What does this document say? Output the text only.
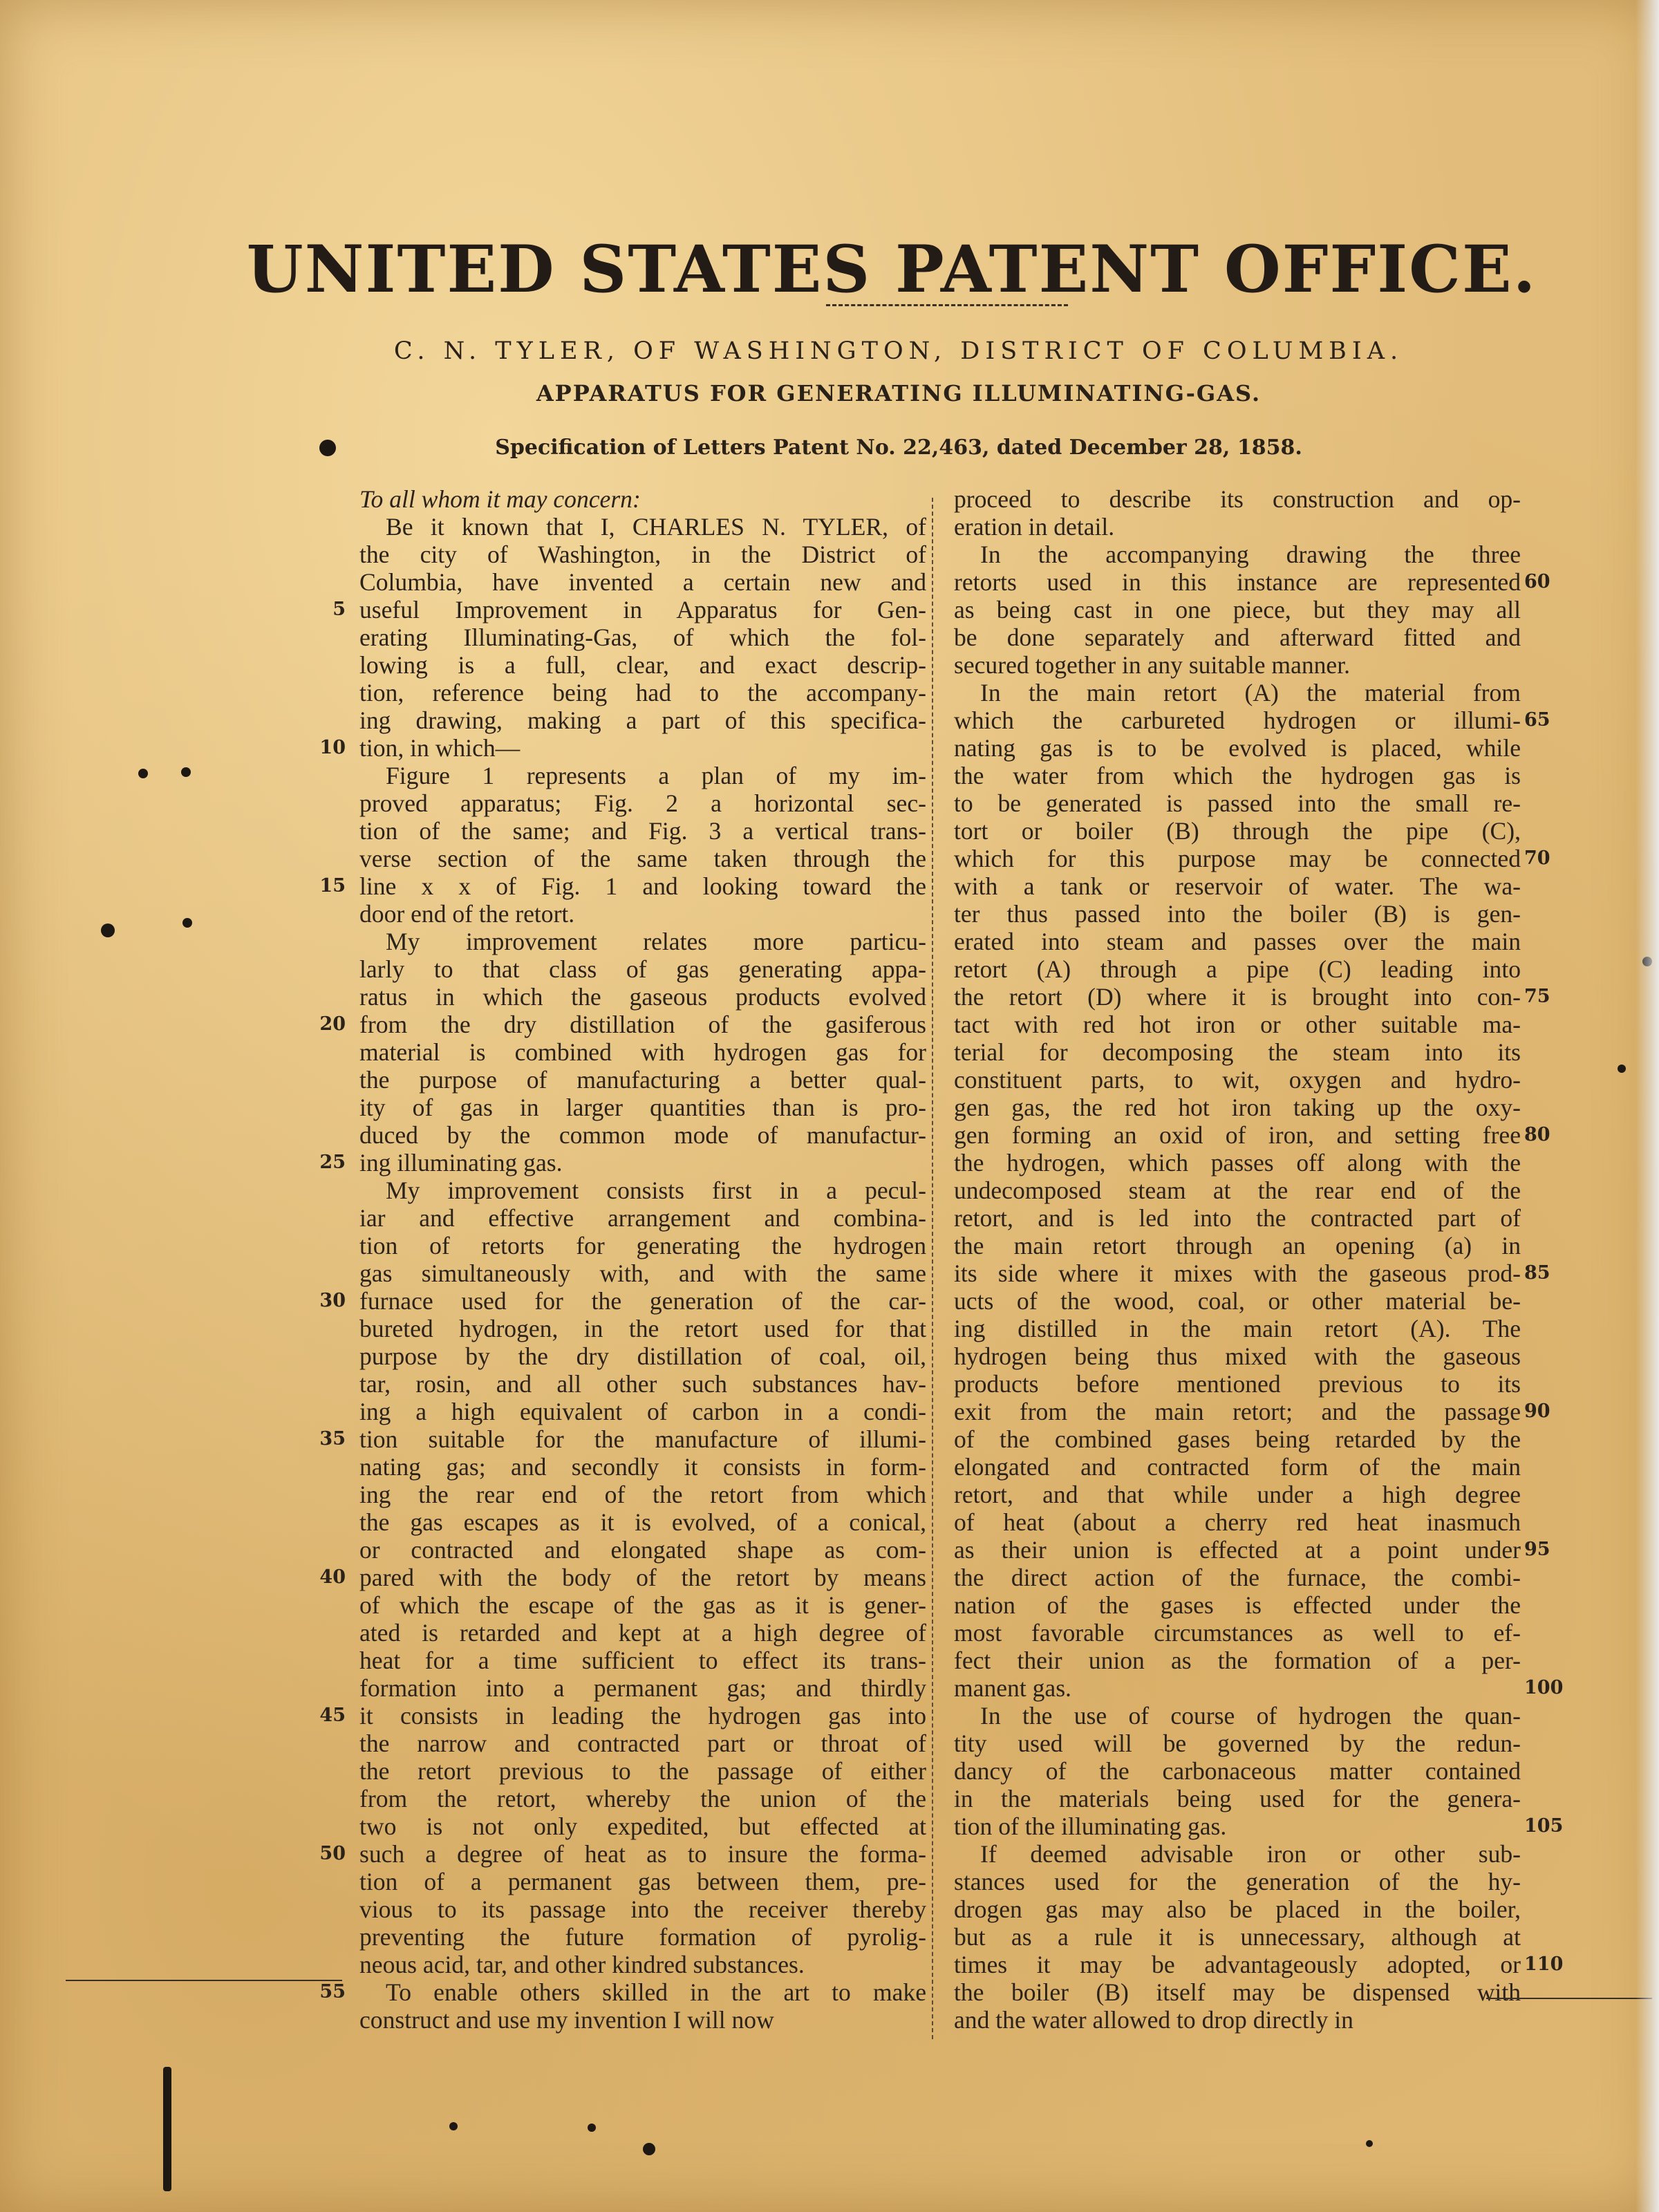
UNITED STATES PATENT OFFICE.
C. N. TYLER, OF WASHINGTON, DISTRICT OF COLUMBIA.
APPARATUS FOR GENERATING ILLUMINATING-GAS.
Specification of Letters Patent No. 22,463, dated December 28, 1858.
To all whom it may concern:
Be it known that I, CHARLES N. TYLER, of
the city of Washington, in the District of
Columbia, have invented a certain new and
useful Improvement in Apparatus for Gen-
erating Illuminating-Gas, of which the fol-
lowing is a full, clear, and exact descrip-
tion, reference being had to the accompany-
ing drawing, making a part of this specifica-
tion, in which—
Figure 1 represents a plan of my im-
proved apparatus; Fig. 2 a horizontal sec-
tion of the same; and Fig. 3 a vertical trans-
verse section of the same taken through the
line x x of Fig. 1 and looking toward the
door end of the retort.
My improvement relates more particu-
larly to that class of gas generating appa-
ratus in which the gaseous products evolved
from the dry distillation of the gasiferous
material is combined with hydrogen gas for
the purpose of manufacturing a better qual-
ity of gas in larger quantities than is pro-
duced by the common mode of manufactur-
ing illuminating gas.
My improvement consists first in a pecul-
iar and effective arrangement and combina-
tion of retorts for generating the hydrogen
gas simultaneously with, and with the same
furnace used for the generation of the car-
bureted hydrogen, in the retort used for that
purpose by the dry distillation of coal, oil,
tar, rosin, and all other such substances hav-
ing a high equivalent of carbon in a condi-
tion suitable for the manufacture of illumi-
nating gas; and secondly it consists in form-
ing the rear end of the retort from which
the gas escapes as it is evolved, of a conical,
or contracted and elongated shape as com-
pared with the body of the retort by means
of which the escape of the gas as it is gener-
ated is retarded and kept at a high degree of
heat for a time sufficient to effect its trans-
formation into a permanent gas; and thirdly
it consists in leading the hydrogen gas into
the narrow and contracted part or throat of
the retort previous to the passage of either
from the retort, whereby the union of the
two is not only expedited, but effected at
such a degree of heat as to insure the forma-
tion of a permanent gas between them, pre-
vious to its passage into the receiver thereby
preventing the future formation of pyrolig-
neous acid, tar, and other kindred substances.
To enable others skilled in the art to make
construct and use my invention I will now
proceed to describe its construction and op-
eration in detail.
In the accompanying drawing the three
retorts used in this instance are represented
as being cast in one piece, but they may all
be done separately and afterward fitted and
secured together in any suitable manner.
In the main retort (A) the material from
which the carbureted hydrogen or illumi-
nating gas is to be evolved is placed, while
the water from which the hydrogen gas is
to be generated is passed into the small re-
tort or boiler (B) through the pipe (C),
which for this purpose may be connected
with a tank or reservoir of water. The wa-
ter thus passed into the boiler (B) is gen-
erated into steam and passes over the main
retort (A) through a pipe (C) leading into
the retort (D) where it is brought into con-
tact with red hot iron or other suitable ma-
terial for decomposing the steam into its
constituent parts, to wit, oxygen and hydro-
gen gas, the red hot iron taking up the oxy-
gen forming an oxid of iron, and setting free
the hydrogen, which passes off along with the
undecomposed steam at the rear end of the
retort, and is led into the contracted part of
the main retort through an opening (a) in
its side where it mixes with the gaseous prod-
ucts of the wood, coal, or other material be-
ing distilled in the main retort (A). The
hydrogen being thus mixed with the gaseous
products before mentioned previous to its
exit from the main retort; and the passage
of the combined gases being retarded by the
elongated and contracted form of the main
retort, and that while under a high degree
of heat (about a cherry red heat inasmuch
as their union is effected at a point under
the direct action of the furnace, the combi-
nation of the gases is effected under the
most favorable circumstances as well to ef-
fect their union as the formation of a per-
manent gas.
In the use of course of hydrogen the quan-
tity used will be governed by the redun-
dancy of the carbonaceous matter contained
in the materials being used for the genera-
tion of the illuminating gas.
If deemed advisable iron or other sub-
stances used for the generation of the hy-
drogen gas may also be placed in the boiler,
but as a rule it is unnecessary, although at
times it may be advantageously adopted, or
the boiler (B) itself may be dispensed with
and the water allowed to drop directly in
5
10
15
20
25
30
35
40
45
50
55
60
65
70
75
80
85
90
95
100
105
110
